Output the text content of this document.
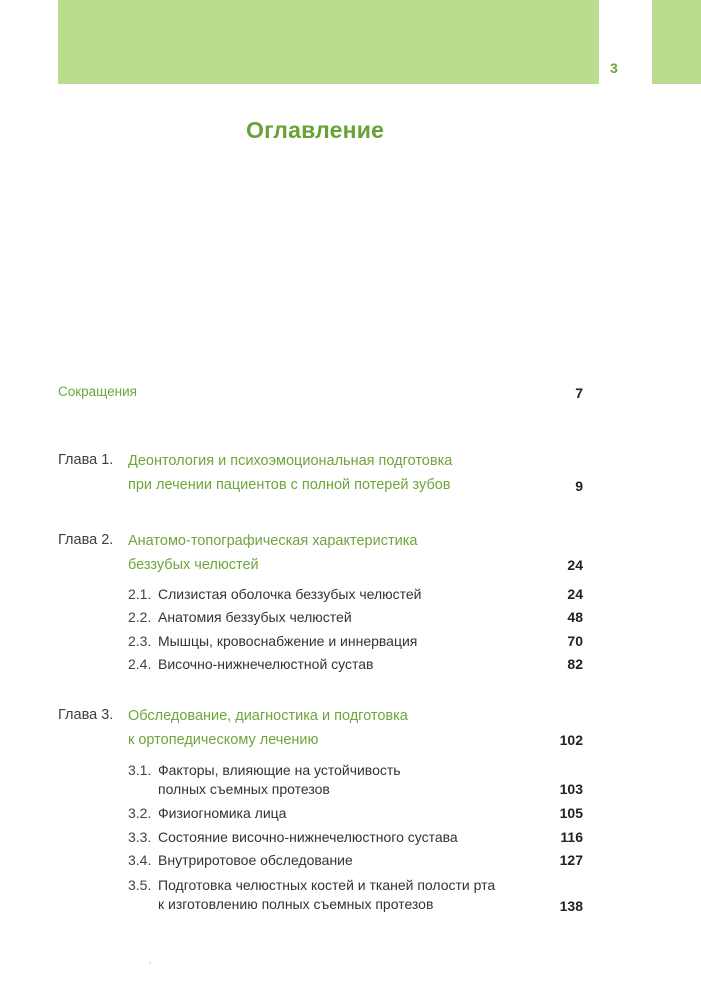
3
Оглавление
Сокращения	7
Глава 1. Деонтология и психоэмоциональная подготовка
при лечении пациентов с полной потерей зубов	9
Глава 2. Анатомо-топографическая характеристика
беззубых челюстей	24
2.1. Слизистая оболочка беззубых челюстей	24
2.2. Анатомия беззубых челюстей	48
2.3. Мышцы, кровоснабжение и иннервация	70
2.4. Височно-нижнечелюстной сустав	82
Глава 3. Обследование, диагностика и подготовка
к ортопедическому лечению	102
3.1. Факторы, влияющие на устойчивость
полных съемных протезов	103
3.2. Физиогномика лица	105
3.3. Состояние височно-нижнечелюстного сустава	116
3.4. Внутриротовое обследование	127
3.5. Подготовка челюстных костей и тканей полости рта
к изготовлению полных съемных протезов	138
